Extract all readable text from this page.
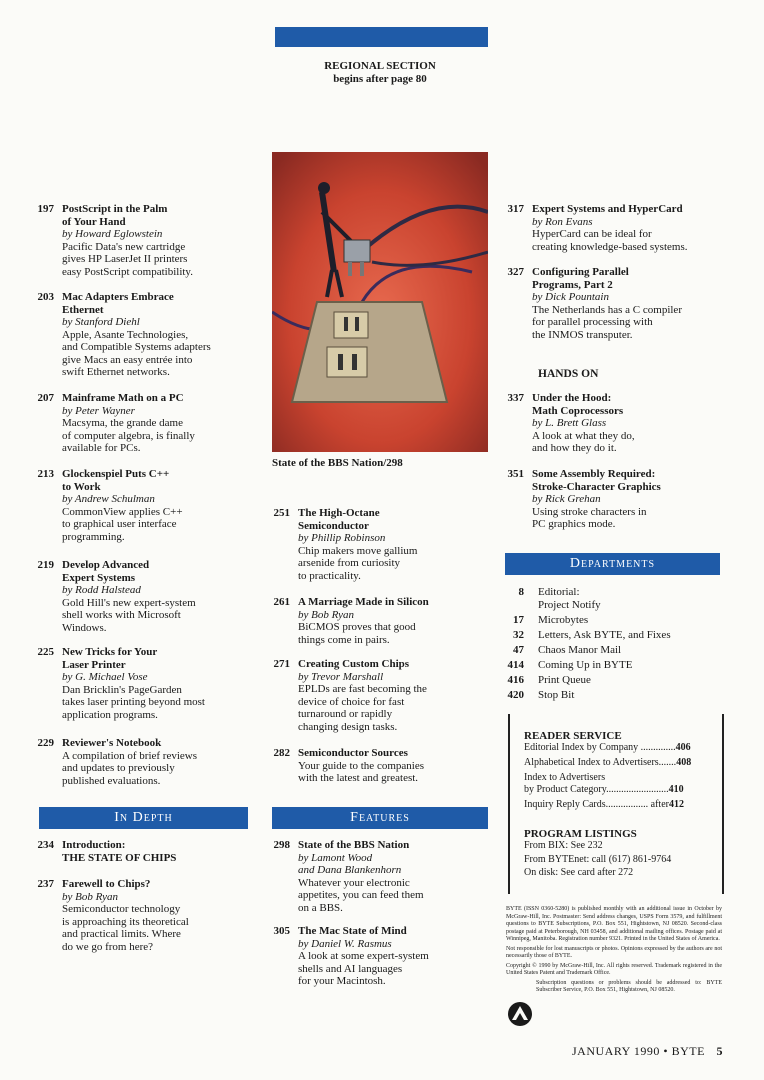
REGIONAL SECTION
begins after page 80
State of the BBS Nation/298
In Depth	Features
Departments
HANDS ON
READER SERVICE
Editorial Index by Company ..............406
Alphabetical Index to Advertisers.......408
Index to Advertisers
by Product Category.........................410
Inquiry Reply Cards................. after412
PROGRAM LISTINGS
From BIX: See 232
From BYTEnet: call (617) 861-9764
On disk: See card after 272

BYTE (ISSN 0360-5280) is published monthly with an additional issue in October by McGraw-Hill, Inc. Postmaster: Send address changes, USPS Form 3579, and fulfillment questions to BYTE Subscriptions, P.O. Box 551, Hightstown, NJ 08520. Second-class postage paid at Peterborough, NH 03458, and additional mailing offices. Postage paid at Winnipeg, Manitoba. Registration number 9321. Printed in the United States of America.

Not responsible for lost manuscripts or photos. Opinions expressed by the authors are not necessarily those of BYTE.

Copyright © 1990 by McGraw-Hill, Inc. All rights reserved. Trademark registered in the United States Patent and Trademark Office.

Subscription questions or problems should be addressed to: BYTE Subscriber Service, P.O. Box 551, Hightstown, NJ 08520.

JANUARY 1990 • BYTE 5
197 PostScript in the Palm
of Your Hand
by Howard Eglowstein
Pacific Data's new cartridge
gives HP LaserJet II printers
easy PostScript compatibility.
203 Mac Adapters Embrace
Ethernet
by Stanford Diehl
Apple, Asante Technologies,
and Compatible Systems adapters
give Macs an easy entrée into
swift Ethernet networks.
207 Mainframe Math on a PC
by Peter Wayner
Macsyma, the grande dame
of computer algebra, is finally
available for PCs.
213 Glockenspiel Puts C++
to Work
by Andrew Schulman
CommonView applies C++
to graphical user interface
programming.
219 Develop Advanced
Expert Systems
by Rodd Halstead
Gold Hill's new expert-system
shell works with Microsoft
Windows.
225 New Tricks for Your
Laser Printer
by G. Michael Vose
Dan Bricklin's PageGarden
takes laser printing beyond most
application programs.
229 Reviewer's Notebook
A compilation of brief reviews
and updates to previously
published evaluations.
234 Introduction:
THE STATE OF CHIPS
237 Farewell to Chips?
by Bob Ryan
Semiconductor technology
is approaching its theoretical
and practical limits. Where
do we go from here?
251 The High-Octane
Semiconductor
by Phillip Robinson
Chip makers move gallium
arsenide from curiosity
to practicality.
261 A Marriage Made in Silicon
by Bob Ryan
BiCMOS proves that good
things come in pairs.
271 Creating Custom Chips
by Trevor Marshall
EPLDs are fast becoming the
device of choice for fast
turnaround or rapidly
changing design tasks.
282 Semiconductor Sources
Your guide to the companies
with the latest and greatest.
298 State of the BBS Nation
by Lamont Wood
and Dana Blankenhorn
Whatever your electronic
appetites, you can feed them
on a BBS.
305 The Mac State of Mind
by Daniel W. Rasmus
A look at some expert-system
shells and AI languages
for your Macintosh.
317 Expert Systems and HyperCard
by Ron Evans
HyperCard can be ideal for
creating knowledge-based systems.
327 Configuring Parallel
Programs, Part 2
by Dick Pountain
The Netherlands has a C compiler
for parallel processing with
the INMOS transputer.
337 Under the Hood:
Math Coprocessors
by L. Brett Glass
A look at what they do,
and how they do it.
351 Some Assembly Required:
Stroke-Character Graphics
by Rick Grehan
Using stroke characters in
PC graphics mode.
8 Editorial:
Project Notify
17 Microbytes
32 Letters, Ask BYTE, and Fixes
47 Chaos Manor Mail
414 Coming Up in BYTE
416 Print Queue
420 Stop Bit
